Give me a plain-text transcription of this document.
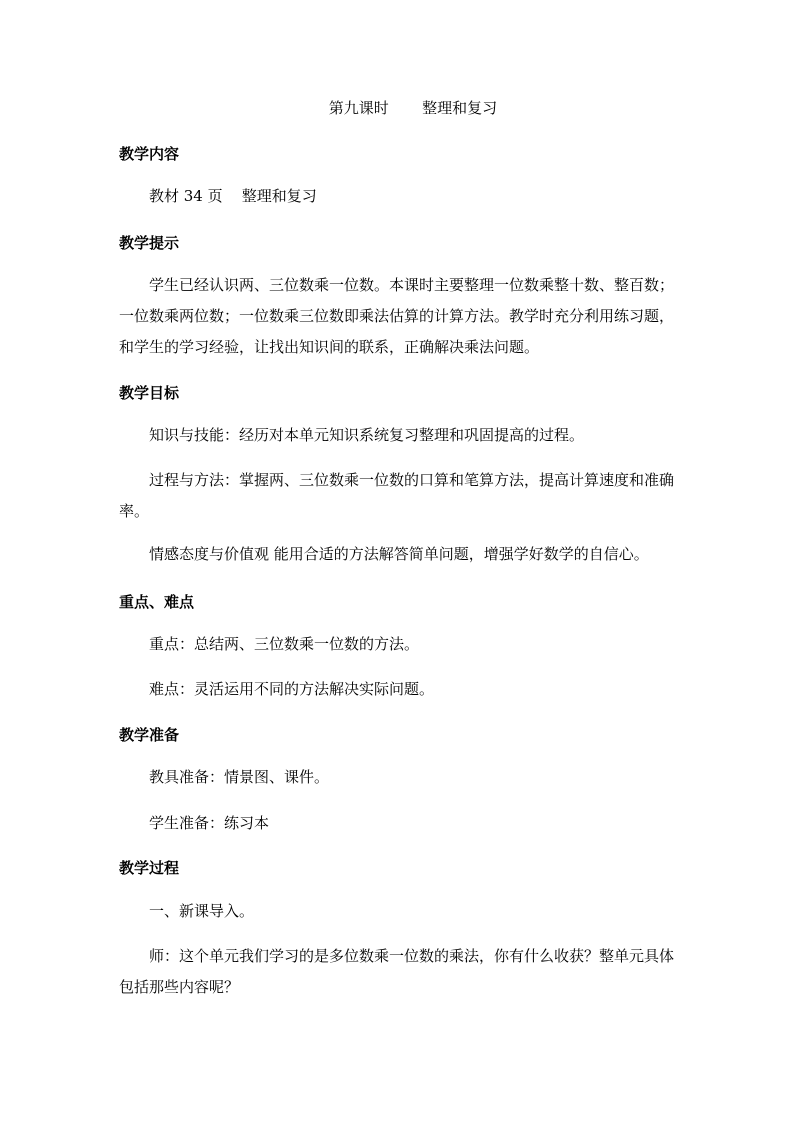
第九课时       整理和复习
教学内容

教材 34 页    整理和复习

教学提示

学生已经认识两、三位数乘一位数。本课时主要整理一位数乘整十数、整百数；一位数乘两位数；一位数乘三位数即乘法估算的计算方法。教学时充分利用练习题，和学生的学习经验，让找出知识间的联系，正确解决乘法问题。

教学目标

知识与技能：经历对本单元知识系统复习整理和巩固提高的过程。

过程与方法：掌握两、三位数乘一位数的口算和笔算方法，提高计算速度和准确率。

情感态度与价值观 能用合适的方法解答简单问题，增强学好数学的自信心。

重点、难点

重点：总结两、三位数乘一位数的方法。

难点：灵活运用不同的方法解决实际问题。

教学准备

教具准备：情景图、课件。

学生准备：练习本

教学过程

一、新课导入。

师：这个单元我们学习的是多位数乘一位数的乘法，你有什么收获？整单元具体包括那些内容呢？
